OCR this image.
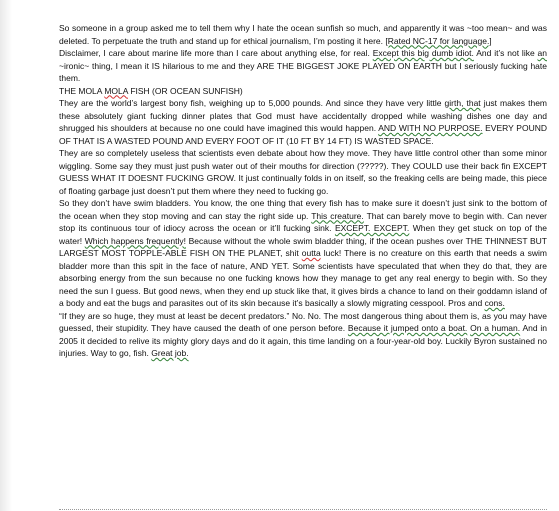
So someone in a group asked me to tell them why I hate the ocean sunfish so much, and apparently it was ~too mean~ and was deleted. To perpetuate the truth and stand up for ethical journalism, I’m posting it here. [Rated NC-17 for language.]

Disclaimer, I care about marine life more than I care about anything else, for real. Except this big dumb idiot. And it’s not like an ~ironic~ thing, I mean it IS hilarious to me and they ARE THE BIGGEST JOKE PLAYED ON EARTH but I seriously fucking hate them.

THE MOLA MOLA FISH (OR OCEAN SUNFISH)

They are the world’s largest bony fish, weighing up to 5,000 pounds. And since they have very little girth, that just makes them these absolutely giant fucking dinner plates that God must have accidentally dropped while washing dishes one day and shrugged his shoulders at because no one could have imagined this would happen. AND WITH NO PURPOSE. EVERY POUND OF THAT IS A WASTED POUND AND EVERY FOOT OF IT (10 FT BY 14 FT) IS WASTED SPACE.

They are so completely useless that scientists even debate about how they move. They have little control other than some minor wiggling. Some say they must just push water out of their mouths for direction (?????). They COULD use their back fin EXCEPT GUESS WHAT IT DOESNT FUCKING GROW. It just continually folds in on itself, so the freaking cells are being made, this piece of floating garbage just doesn’t put them where they need to fucking go.

So they don’t have swim bladders. You know, the one thing that every fish has to make sure it doesn’t just sink to the bottom of the ocean when they stop moving and can stay the right side up. This creature. That can barely move to begin with. Can never stop its continuous tour of idiocy across the ocean or it’ll fucking sink. EXCEPT. EXCEPT. When they get stuck on top of the water! Which happens frequently! Because without the whole swim bladder thing, if the ocean pushes over THE THINNEST BUT LARGEST MOST TOPPLE-ABLE FISH ON THE PLANET, shit outta luck! There is no creature on this earth that needs a swim bladder more than this spit in the face of nature, AND YET. Some scientists have speculated that when they do that, they are absorbing energy from the sun because no one fucking knows how they manage to get any real energy to begin with. So they need the sun I guess. But good news, when they end up stuck like that, it gives birds a chance to land on their goddamn island of a body and eat the bugs and parasites out of its skin because it’s basically a slowly migrating cesspool. Pros and cons.

“If they are so huge, they must at least be decent predators.” No. No. The most dangerous thing about them is, as you may have guessed, their stupidity. They have caused the death of one person before. Because it jumped onto a boat. On a human. And in 2005 it decided to relive its mighty glory days and do it again, this time landing on a four-year-old boy. Luckily Byron sustained no injuries. Way to go, fish. Great job.
